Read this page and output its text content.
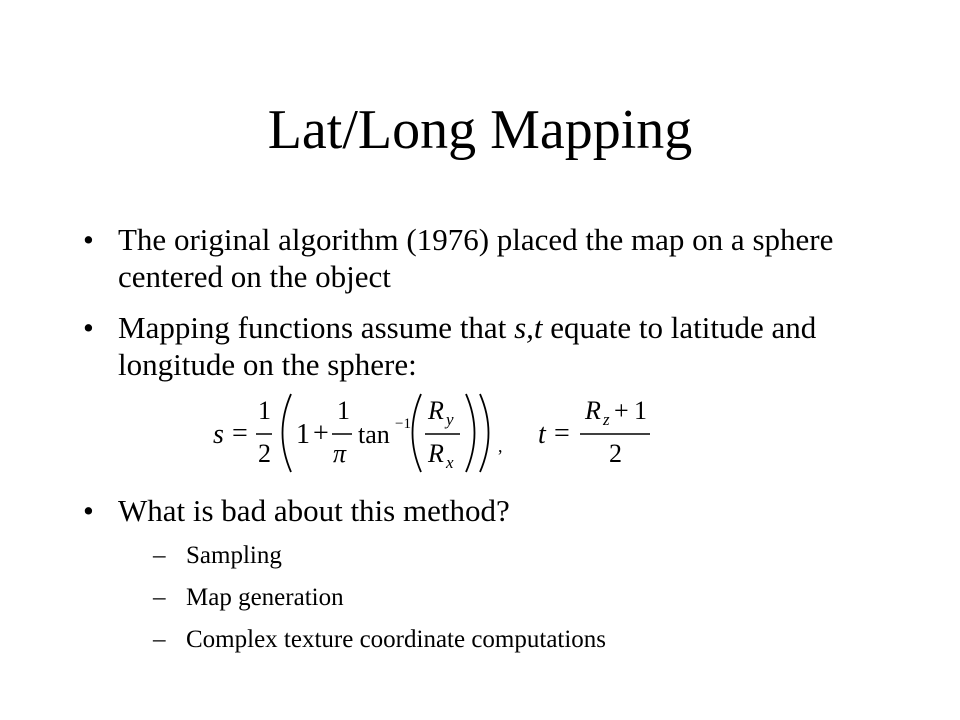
Lat/Long Mapping
• The original algorithm (1976) placed the map on a sphere centered on the object
• Mapping functions assume that s,t equate to latitude and longitude on the sphere:
s =
1
2
1 +
1
π
tan −1 R y
R x
, t =
R z + 1
2
• What is bad about this method?
– Sampling
– Map generation
– Complex texture coordinate computations
